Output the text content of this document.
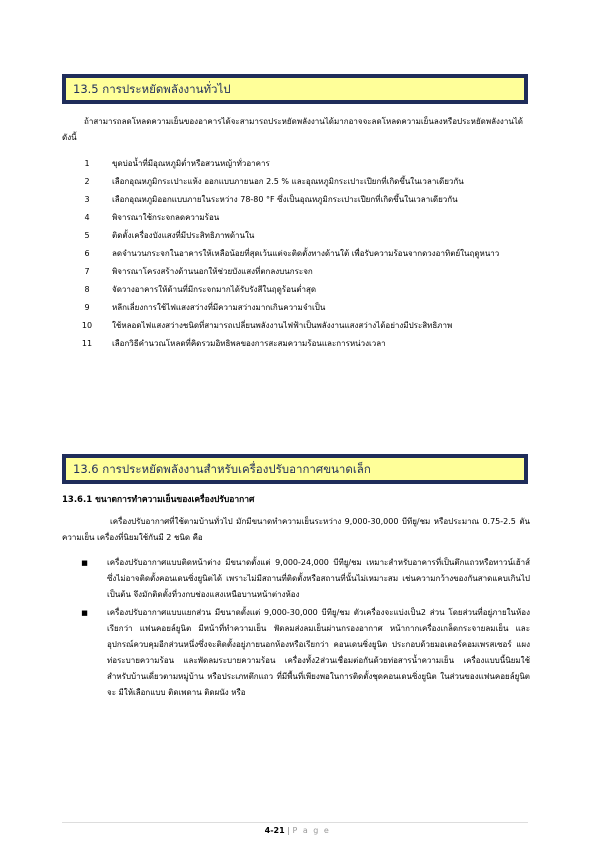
13.5 การประหยัดพลังงานทั่วไป
ถ้าสามารถลดโหลดความเย็นของอาคารได้จะสามารถประหยัดพลังงานได้มากอาจจะลดโหลดความเย็นลงหรือประหยัดพลังงานได้ดังนี้
1	ขุดบ่อน้ำที่มีอุณหภูมิต่ำหรือสวนหญ้าทั่วอาคาร
2	เลือกอุณหภูมิกระเปาะแห้ง ออกแบบภายนอก 2.5 % และอุณหภูมิกระเปาะเปียกที่เกิดขึ้นในเวลาเดียวกัน
3	เลือกอุณหภูมิออกแบบภายในระหว่าง 78-80 °F ซึ่งเป็นอุณหภูมิกระเปาะเปียกที่เกิดขึ้นในเวลาเดียวกัน
4	พิจารณาใช้กระจกลดความร้อน
5	ติดตั้งเครื่องบังแสงที่มีประสิทธิภาพด้านใน
6	ลดจำนวนกระจกในอาคารให้เหลือน้อยที่สุดเว้นแต่จะติดตั้งทางด้านใต้ เพื่อรับความร้อนจากดวงอาทิตย์ในฤดูหนาว
7	พิจารณาโครงสร้างด้านนอกให้ช่วยบังแสงที่ตกลงบนกระจก
8	จัดวางอาคารให้ด้านที่มีกระจกมากได้รับรังสีในฤดูร้อนต่ำสุด
9	หลีกเลี่ยงการใช้ไฟแสงสว่างที่มีความสว่างมากเกินความจำเป็น
10	ใช้หลอดไฟแสงสว่างชนิดที่สามารถเปลี่ยนพลังงานไฟฟ้าเป็นพลังงานแสงสว่างได้อย่างมีประสิทธิภาพ
11	เลือกวิธีคำนวณโหลดที่คิดรวมอิทธิพลของการสะสมความร้อนและการหน่วงเวลา
13.6 การประหยัดพลังงานสำหรับเครื่องปรับอากาศขนาดเล็ก
13.6.1 ขนาดการทำความเย็นของเครื่องปรับอากาศ
เครื่องปรับอากาศที่ใช้ตามบ้านทั่วไป มักมีขนาดทำความเย็นระหว่าง 9,000-30,000 บีทียู/ชม หรือประมาณ 0.75-2.5 ตันความเย็น เครื่องที่นิยมใช้กันมี 2 ชนิด คือ
■	เครื่องปรับอากาศแบบติดหน้าต่าง มีขนาดตั้งแต่ 9,000-24,000 บีทียู/ชม เหมาะสำหรับอาคารที่เป็นตึกแถวหรือทาวน์เฮ้าส์ ซึ่งไม่อาจติดตั้งคอนเดนซิ่งยูนิตได้ เพราะไม่มีสถานที่ติดตั้งหรือสถานที่นั้นไม่เหมาะสม เช่นความกว้างของกันสาดแคบเกินไป เป็นต้น จึงมักติดตั้งที่วงกบช่องแสงเหนือบานหน้าต่างห้อง
■	เครื่องปรับอากาศแบบแยกส่วน มีขนาดตั้งแต่ 9,000-30,000 บีทียู/ชม ตัวเครื่องจะแบ่งเป็น2 ส่วน โดยส่วนที่อยู่ภายในห้องเรียกว่า แฟนคอยล์ยูนิต มีหน้าที่ทำความเย็น ฟัดลมส่งลมเย็นผ่านกรองอากาศ หน้ากากเครื่องเกล็ดกระจายลมเย็น และอุปกรณ์ควบคุมอีกส่วนหนึ่งซึ่งจะติดตั้งอยู่ภายนอกห้องหรือเรียกว่า คอนเดนซิ่งยูนิต ประกอบด้วยมอเตอร์คอมเพรสเซอร์ แผงท่อระบายความร้อน และพัดลมระบายความร้อน เครื่องทั้ง2ส่วนเชื่อมต่อกันด้วยท่อสารน้ำความเย็น เครื่องแบบนี้นิยมใช้สำหรับบ้านเดี่ยวตามหมู่บ้าน หรือประเภทตึกแถว ที่มีพื้นที่เพียงพอในการติดตั้งชุดคอนเดนซิ่งยูนิต ในส่วนของแฟนคอยล์ยูนิตจะ มีให้เลือกแบบ ติดเพดาน ติดผนัง หรือ
4-21 | P a g e
